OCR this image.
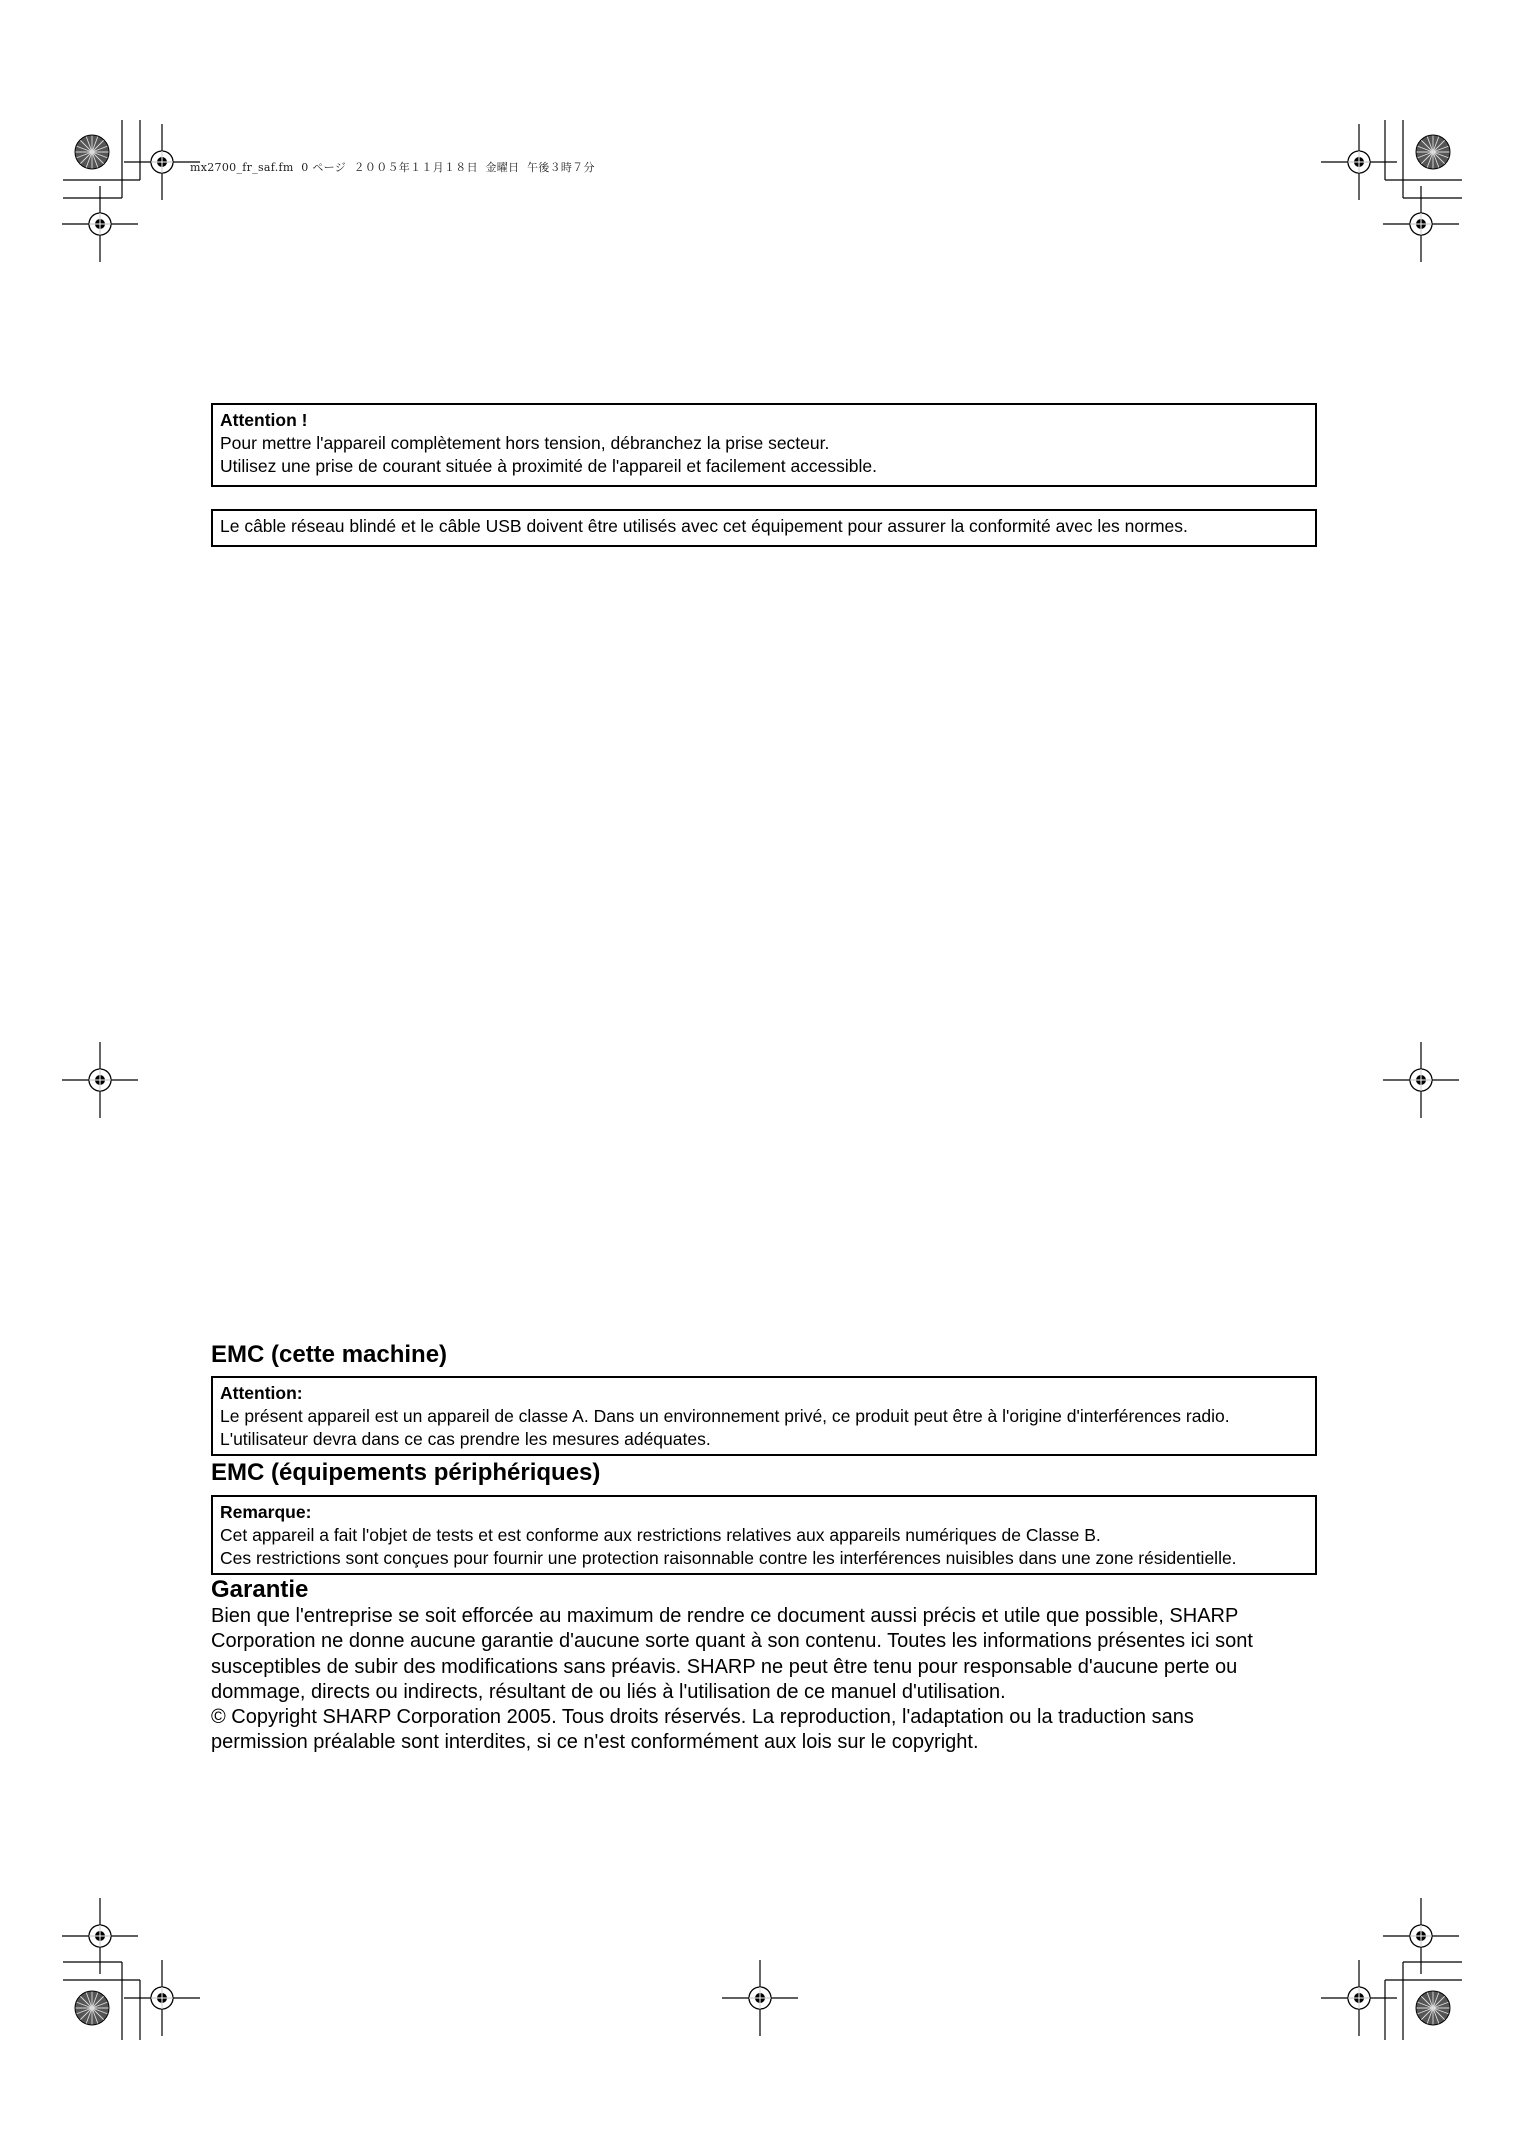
mx2700_fr_saf.fm  0 ページ  ２００５年１１月１８日  金曜日  午後３時７分

Attention !

Pour mettre l'appareil complètement hors tension, débranchez la prise secteur.

Utilisez une prise de courant située à proximité de l'appareil et facilement accessible.

Le câble réseau blindé et le câble USB doivent être utilisés avec cet équipement pour assurer la conformité avec les normes.

EMC (cette machine)

Attention:

Le présent appareil est un appareil de classe A. Dans un environnement privé, ce produit peut être à l'origine d'interférences radio.

L'utilisateur devra dans ce cas prendre les mesures adéquates.

EMC (équipements périphériques)

Remarque:

Cet appareil a fait l'objet de tests et est conforme aux restrictions relatives aux appareils numériques de Classe B.

Ces restrictions sont conçues pour fournir une protection raisonnable contre les interférences nuisibles dans une zone résidentielle.

Garantie
Bien que l'entreprise se soit efforcée au maximum de rendre ce document aussi précis et utile que possible, SHARP
Corporation ne donne aucune garantie d'aucune sorte quant à son contenu. Toutes les informations présentes ici sont
susceptibles de subir des modifications sans préavis. SHARP ne peut être tenu pour responsable d'aucune perte ou
dommage, directs ou indirects, résultant de ou liés à l'utilisation de ce manuel d'utilisation.
© Copyright SHARP Corporation 2005. Tous droits réservés. La reproduction, l'adaptation ou la traduction sans
permission préalable sont interdites, si ce n'est conformément aux lois sur le copyright.
